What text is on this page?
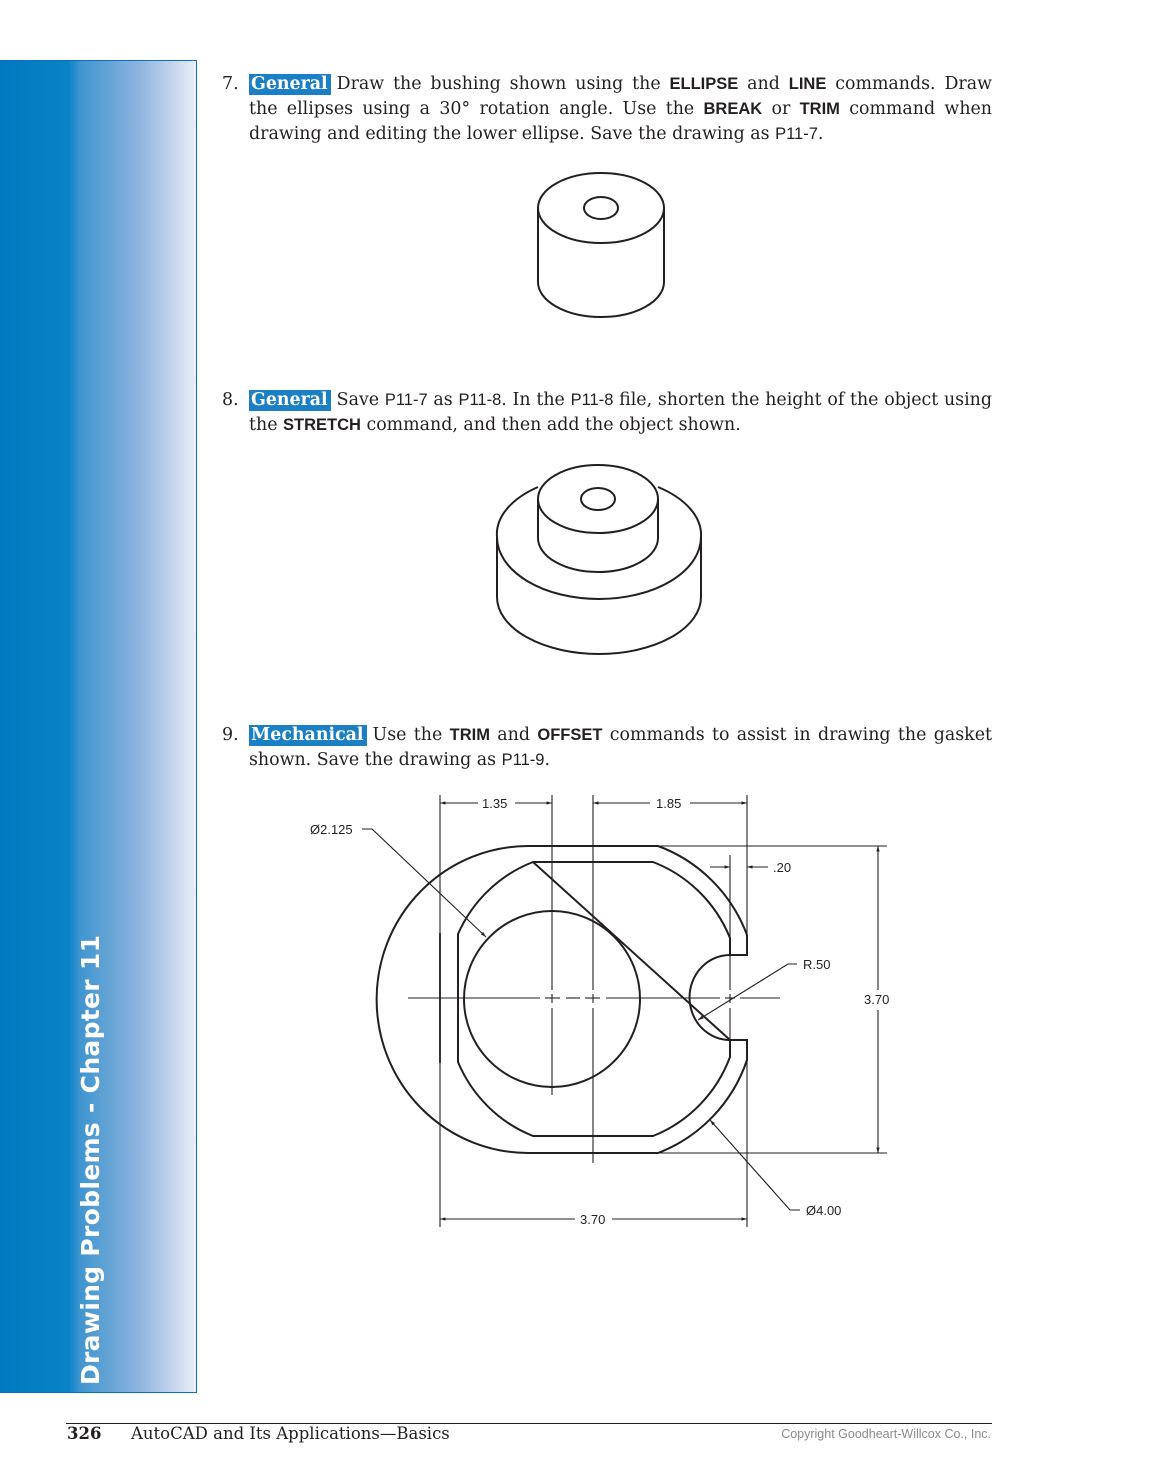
Drawing Problems - Chapter 11
7. General Draw the bushing shown using the ELLIPSE and LINE commands. Draw the ellipses using a 30° rotation angle. Use the BREAK or TRIM command when drawing and editing the lower ellipse. Save the drawing as P11-7.
8. General Save P11-7 as P11-8. In the P11-8 file, shorten the height of the object using the STRETCH command, and then add the object shown.
9. Mechanical Use the TRIM and OFFSET commands to assist in drawing the gasket shown. Save the drawing as P11-9.
1.35	1.85
Ø2.125
.20
R.50
3.70
3.70
Ø4.00
326 AutoCAD and Its Applications—Basics	Copyright Goodheart-Willcox Co., Inc.
